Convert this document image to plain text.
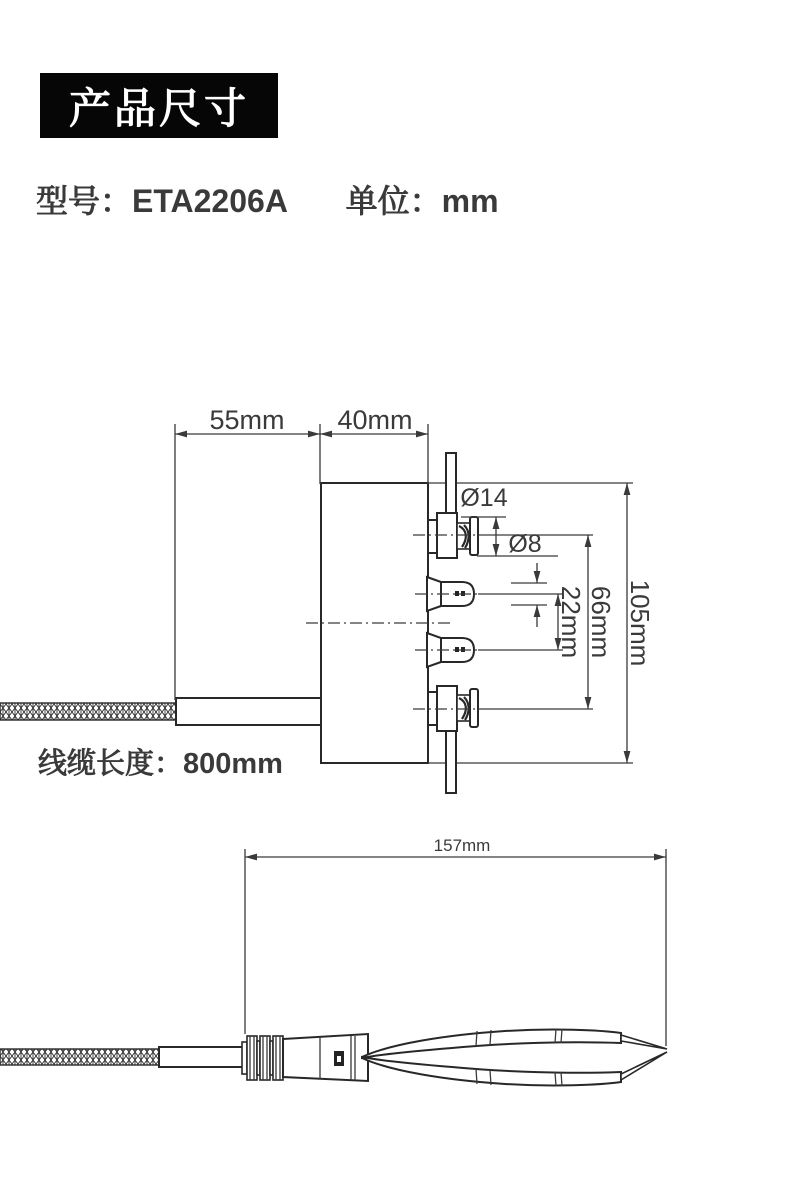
产品尺寸
型号：ETA2206A 单位：mm
线缆长度：800mm
55mm 40mm
Ø14
Ø8
22mm 66mm 105mm
157mm
